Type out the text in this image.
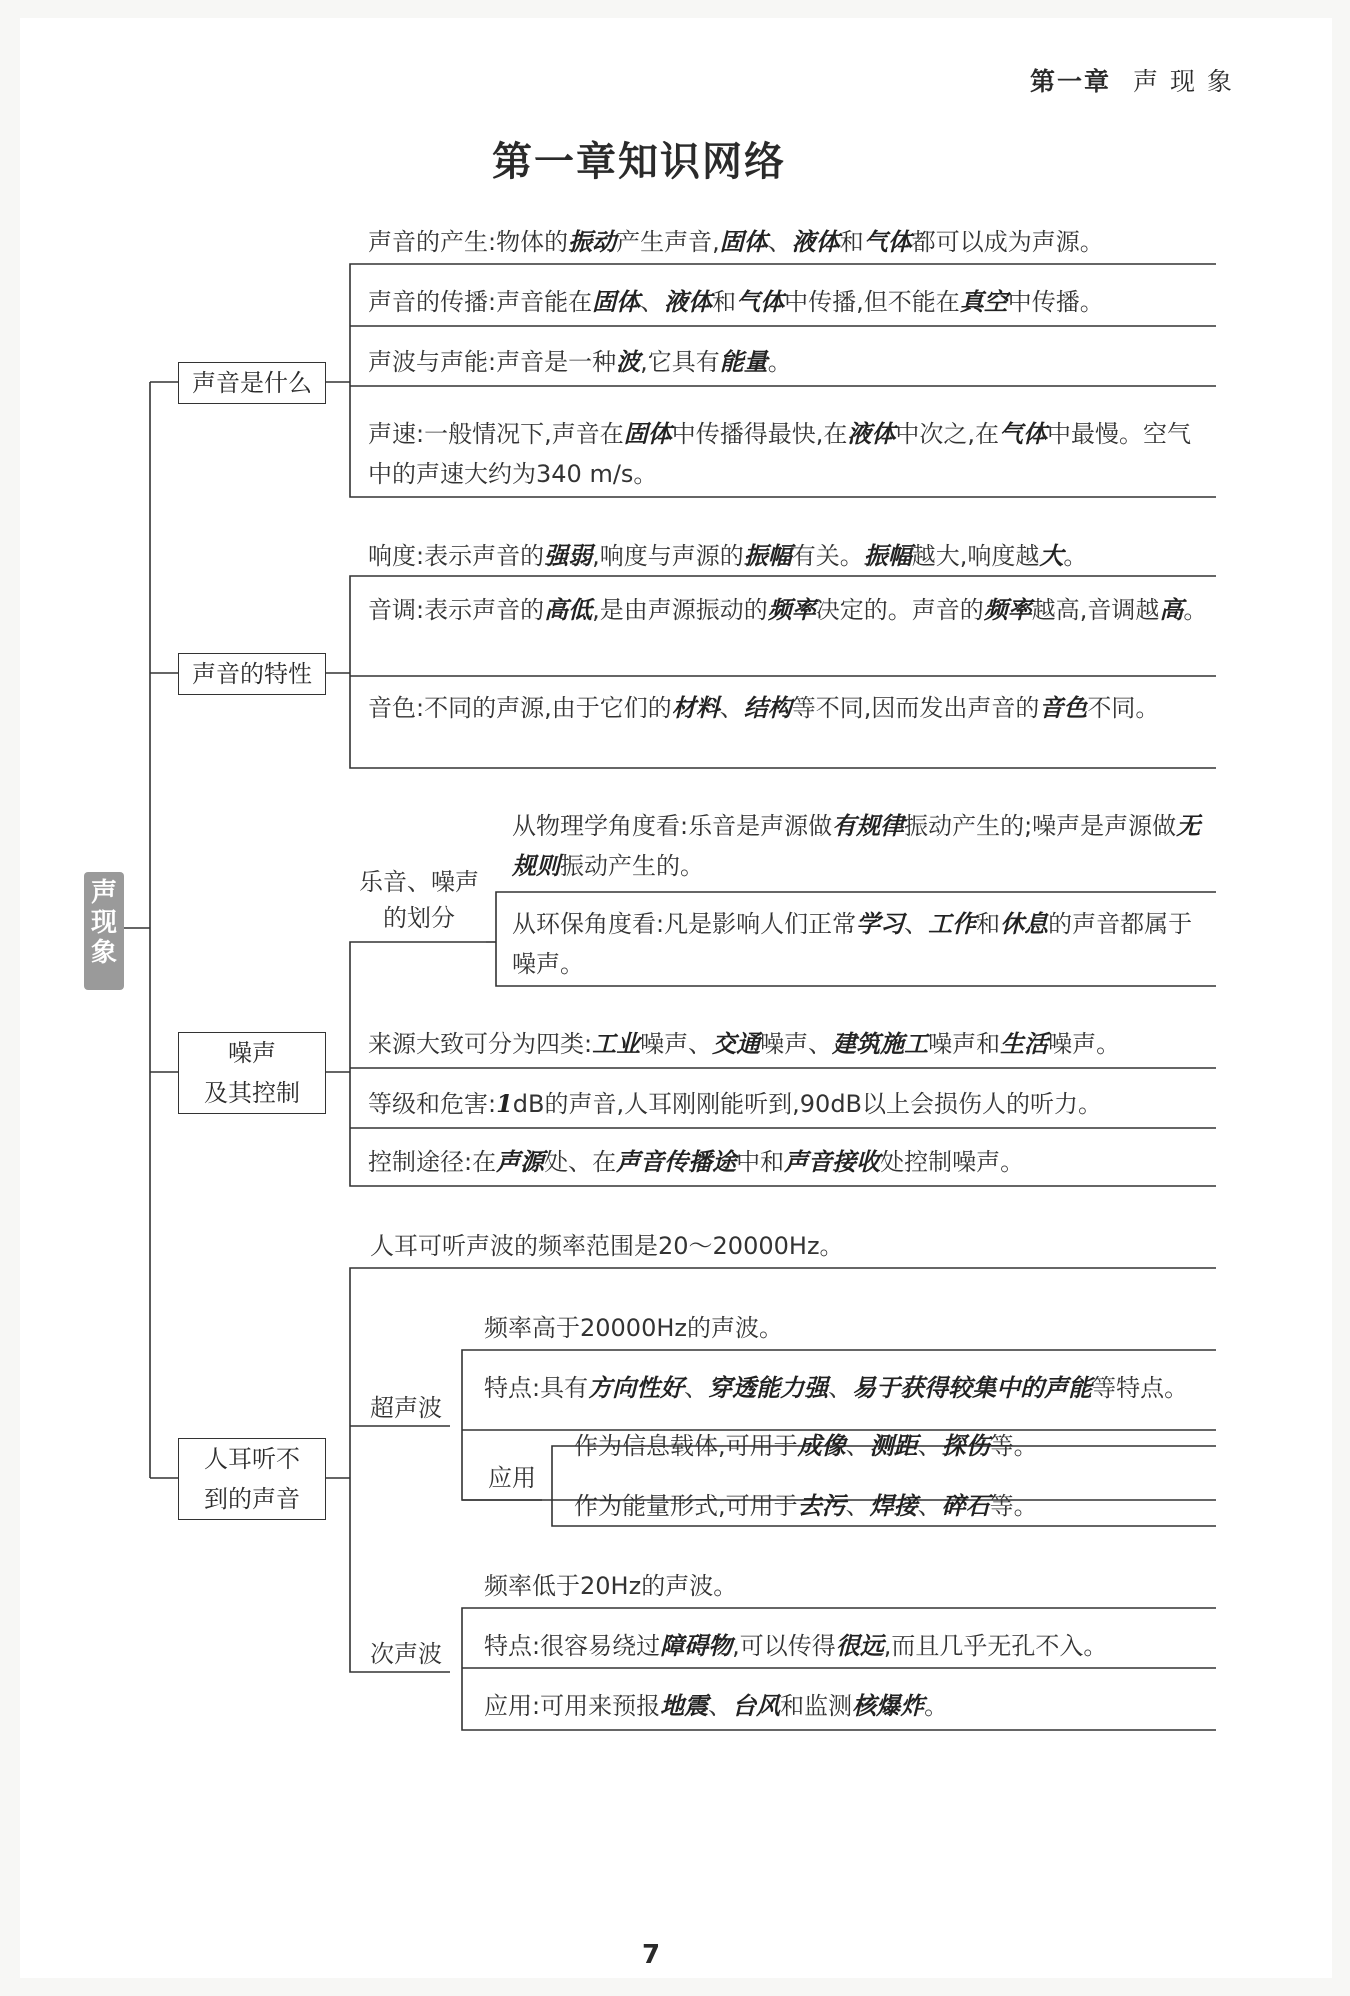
第一章 声 现 象
第一章知识网络
声现象
声音是什么
声音的产生:物体的振动产生声音,固体、液体和气体都可以成为声源。
声音的传播:声音能在固体、液体和气体中传播,但不能在真空中传播。
声波与声能:声音是一种波,它具有能量。
声速:一般情况下,声音在固体中传播得最快,在液体中次之,在气体中最慢。空气中的声速大约为340 m/s。
声音的特性
响度:表示声音的强弱,响度与声源的振幅有关。振幅越大,响度越大。
音调:表示声音的高低,是由声源振动的频率决定的。声音的频率越高,音调越高。
音色:不同的声源,由于它们的材料、结构等不同,因而发出声音的音色不同。
噪声
及其控制
乐音、噪声
的划分
从物理学角度看:乐音是声源做有规律振动产生的;噪声是声源做无规则振动产生的。
从环保角度看:凡是影响人们正常学习、工作和休息的声音都属于噪声。
来源大致可分为四类:工业噪声、交通噪声、建筑施工噪声和生活噪声。
等级和危害:1dB的声音,人耳刚刚能听到,90dB以上会损伤人的听力。
控制途径:在声源处、在声音传播途中和声音接收处控制噪声。
人耳听不
到的声音
人耳可听声波的频率范围是20～20000Hz。
超声波
频率高于20000Hz的声波。
特点:具有方向性好、穿透能力强、易于获得较集中的声能等特点。
应用
作为信息载体,可用于成像、测距、探伤等。
作为能量形式,可用于去污、焊接、碎石等。
次声波
频率低于20Hz的声波。
特点:很容易绕过障碍物,可以传得很远,而且几乎无孔不入。
应用:可用来预报地震、台风和监测核爆炸。
7
